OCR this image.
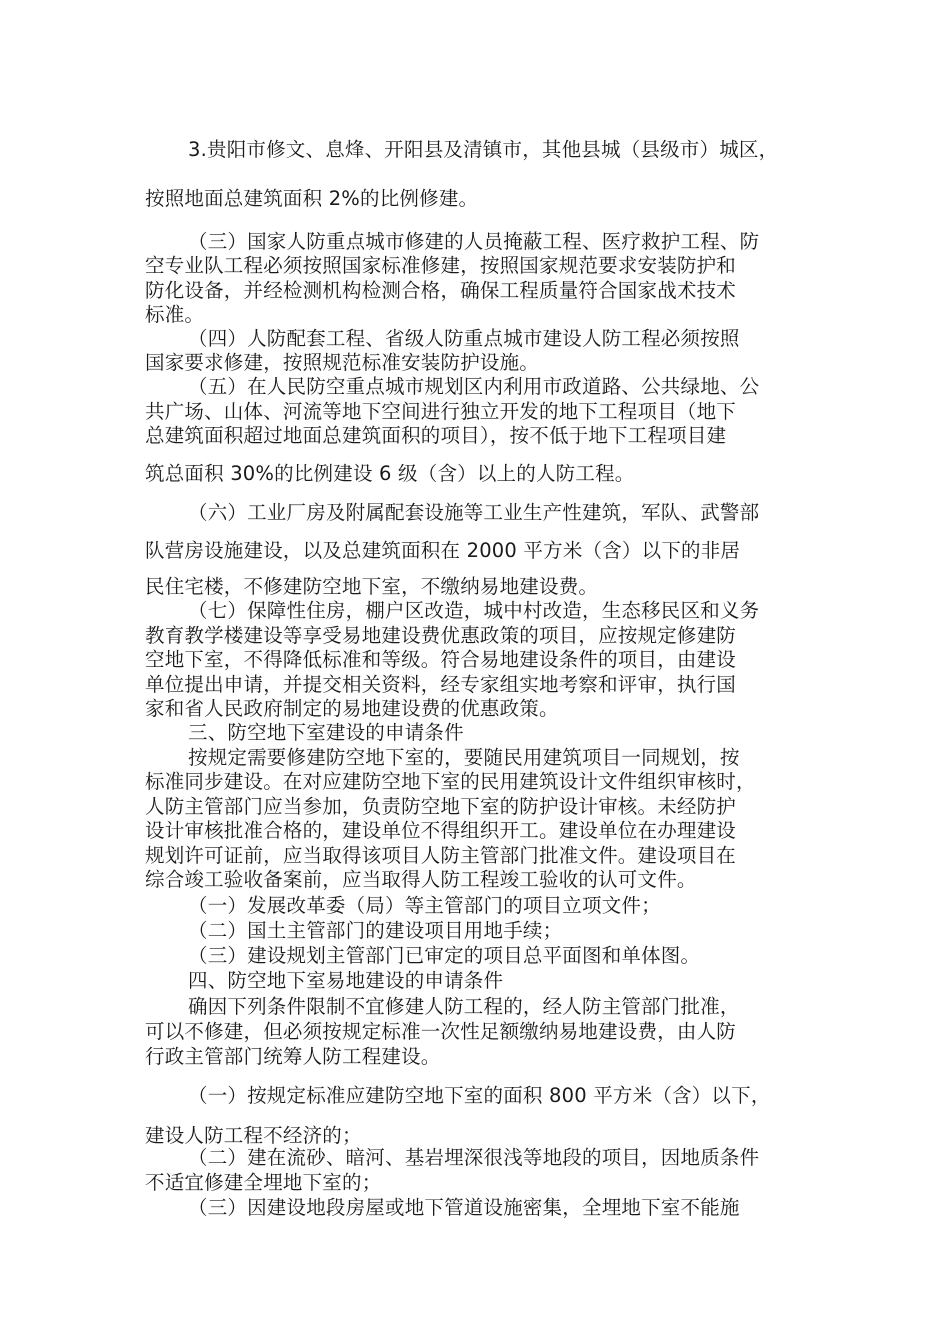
3.贵阳市修文、息烽、开阳县及清镇市，其他县城（县级市）城区，
按照地面总建筑面积 2%的比例修建。
（三）国家人防重点城市修建的人员掩蔽工程、医疗救护工程、防
空专业队工程必须按照国家标准修建，按照国家规范要求安装防护和
防化设备，并经检测机构检测合格，确保工程质量符合国家战术技术
标准。
（四）人防配套工程、省级人防重点城市建设人防工程必须按照
国家要求修建，按照规范标准安装防护设施。
（五）在人民防空重点城市规划区内利用市政道路、公共绿地、公
共广场、山体、河流等地下空间进行独立开发的地下工程项目（地下
总建筑面积超过地面总建筑面积的项目），按不低于地下工程项目建
筑总面积 30%的比例建设 6 级（含）以上的人防工程。
（六）工业厂房及附属配套设施等工业生产性建筑，军队、武警部
队营房设施建设，以及总建筑面积在 2000 平方米（含）以下的非居
民住宅楼，不修建防空地下室，不缴纳易地建设费。
（七）保障性住房，棚户区改造，城中村改造，生态移民区和义务
教育教学楼建设等享受易地建设费优惠政策的项目，应按规定修建防
空地下室，不得降低标准和等级。符合易地建设条件的项目，由建设
单位提出申请，并提交相关资料，经专家组实地考察和评审，执行国
家和省人民政府制定的易地建设费的优惠政策。
三、防空地下室建设的申请条件
按规定需要修建防空地下室的，要随民用建筑项目一同规划，按
标准同步建设。在对应建防空地下室的民用建筑设计文件组织审核时，
人防主管部门应当参加，负责防空地下室的防护设计审核。未经防护
设计审核批准合格的，建设单位不得组织开工。建设单位在办理建设
规划许可证前，应当取得该项目人防主管部门批准文件。建设项目在
综合竣工验收备案前，应当取得人防工程竣工验收的认可文件。
（一）发展改革委（局）等主管部门的项目立项文件；
（二）国土主管部门的建设项目用地手续；
（三）建设规划主管部门已审定的项目总平面图和单体图。
四、防空地下室易地建设的申请条件
确因下列条件限制不宜修建人防工程的，经人防主管部门批准，
可以不修建，但必须按规定标准一次性足额缴纳易地建设费，由人防
行政主管部门统筹人防工程建设。
（一）按规定标准应建防空地下室的面积 800 平方米（含）以下，
建设人防工程不经济的；
（二）建在流砂、暗河、基岩埋深很浅等地段的项目，因地质条件
不适宜修建全埋地下室的；
（三）因建设地段房屋或地下管道设施密集，全埋地下室不能施
